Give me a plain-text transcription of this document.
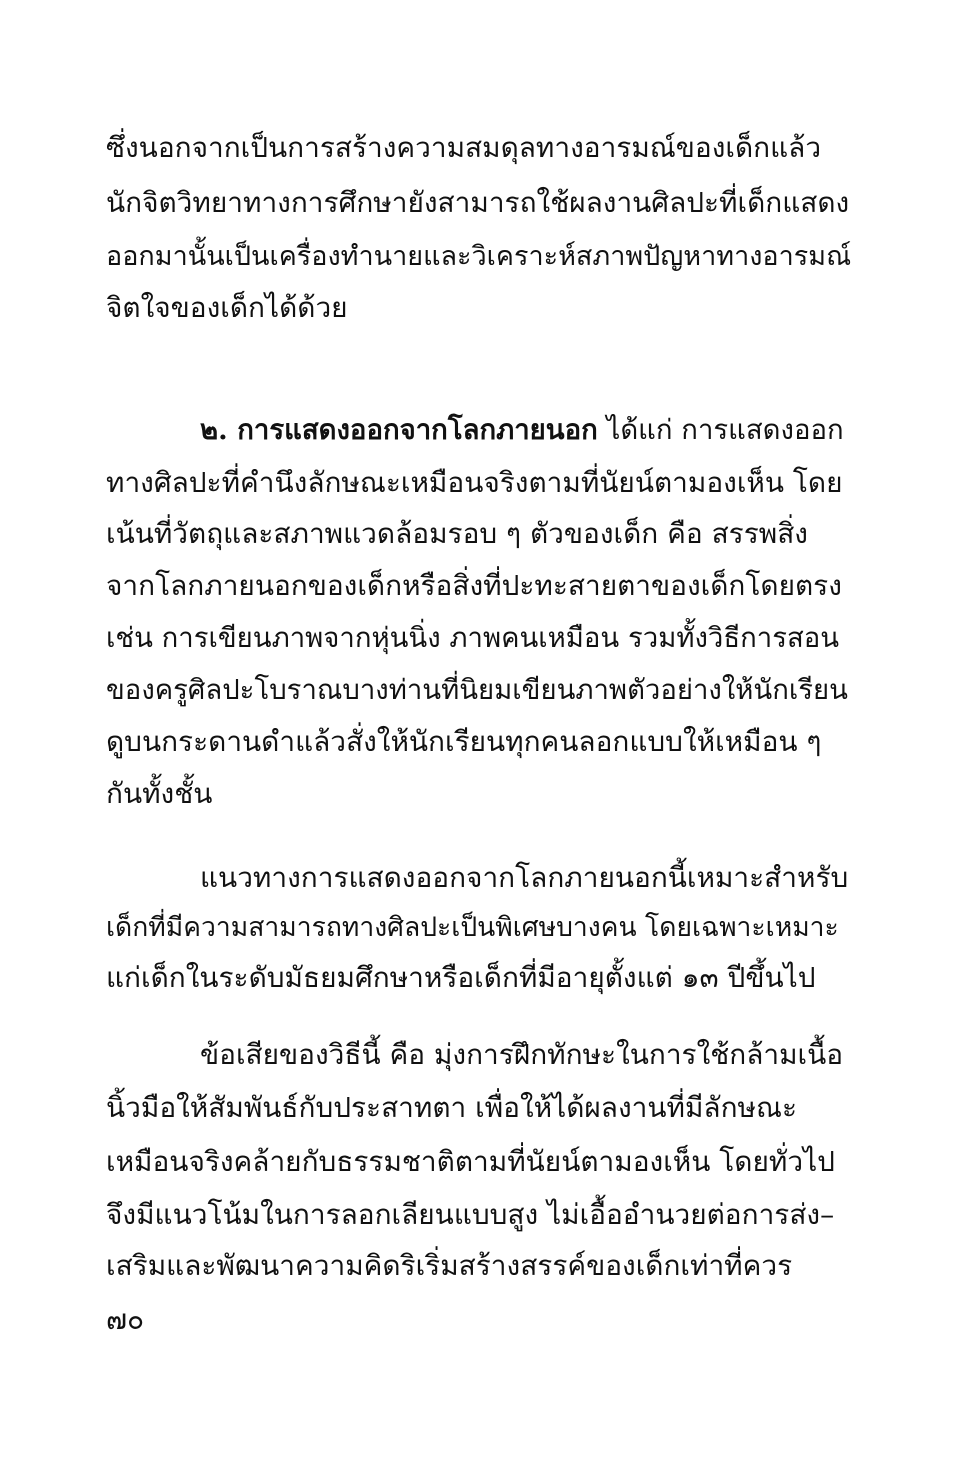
ซึ่งนอกจากเป็นการสร้างความสมดุลทางอารมณ์ของเด็กแล้ว
นักจิตวิทยาทางการศึกษายังสามารถใช้ผลงานศิลปะที่เด็กแสดง
ออกมานั้นเป็นเครื่องทำนายและวิเคราะห์สภาพปัญหาทางอารมณ์
จิตใจของเด็กได้ด้วย
๒. การแสดงออกจากโลกภายนอก ได้แก่ การแสดงออก
ทางศิลปะที่คำนึงลักษณะเหมือนจริงตามที่นัยน์ตามองเห็น โดย
เน้นที่วัตถุและสภาพแวดล้อมรอบ ๆ ตัวของเด็ก คือ สรรพสิ่ง
จากโลกภายนอกของเด็กหรือสิ่งที่ปะทะสายตาของเด็กโดยตรง
เช่น การเขียนภาพจากหุ่นนิ่ง ภาพคนเหมือน รวมทั้งวิธีการสอน
ของครูศิลปะโบราณบางท่านที่นิยมเขียนภาพตัวอย่างให้นักเรียน
ดูบนกระดานดำแล้วสั่งให้นักเรียนทุกคนลอกแบบให้เหมือน ๆ
กันทั้งชั้น
แนวทางการแสดงออกจากโลกภายนอกนี้เหมาะสำหรับ
เด็กที่มีความสามารถทางศิลปะเป็นพิเศษบางคน โดยเฉพาะเหมาะ
แก่เด็กในระดับมัธยมศึกษาหรือเด็กที่มีอายุตั้งแต่ ๑๓ ปีขึ้นไป
ข้อเสียของวิธีนี้ คือ มุ่งการฝึกทักษะในการใช้กล้ามเนื้อ
นิ้วมือให้สัมพันธ์กับประสาทตา เพื่อให้ได้ผลงานที่มีลักษณะ
เหมือนจริงคล้ายกับธรรมชาติตามที่นัยน์ตามองเห็น โดยทั่วไป
จึงมีแนวโน้มในการลอกเลียนแบบสูง ไม่เอื้ออำนวยต่อการส่ง–
เสริมและพัฒนาความคิดริเริ่มสร้างสรรค์ของเด็กเท่าที่ควร
๗๐
